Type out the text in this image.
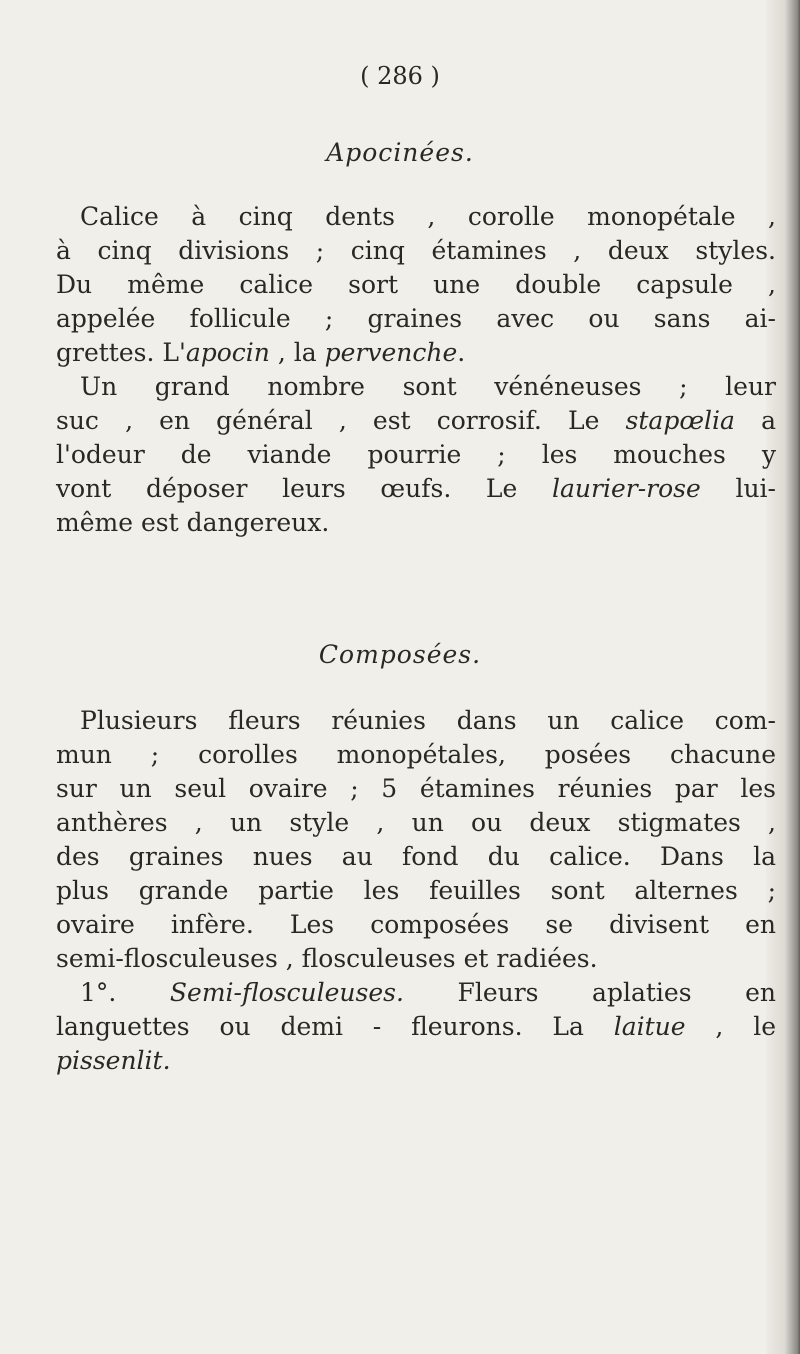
( 286 )
Apocinées.
Calice à cinq dents , corolle monopétale ,
à cinq divisions ; cinq étamines , deux styles.
Du même calice sort une double capsule ,
appelée follicule ; graines avec ou sans ai-
grettes. L'apocin , la pervenche.
Un grand nombre sont vénéneuses ; leur
suc , en général , est corrosif. Le stapœlia a
l'odeur de viande pourrie ; les mouches y
vont déposer leurs œufs. Le laurier-rose lui-
même est dangereux.
Composées.
Plusieurs fleurs réunies dans un calice com-
mun ; corolles monopétales, posées chacune
sur un seul ovaire ; 5 étamines réunies par les
anthères , un style , un ou deux stigmates ,
des graines nues au fond du calice. Dans la
plus grande partie les feuilles sont alternes ;
ovaire infère. Les composées se divisent en
semi-flosculeuses , flosculeuses et radiées.
1°. Semi-flosculeuses. Fleurs aplaties en
languettes ou demi - fleurons. La laitue , le
pissenlit.
